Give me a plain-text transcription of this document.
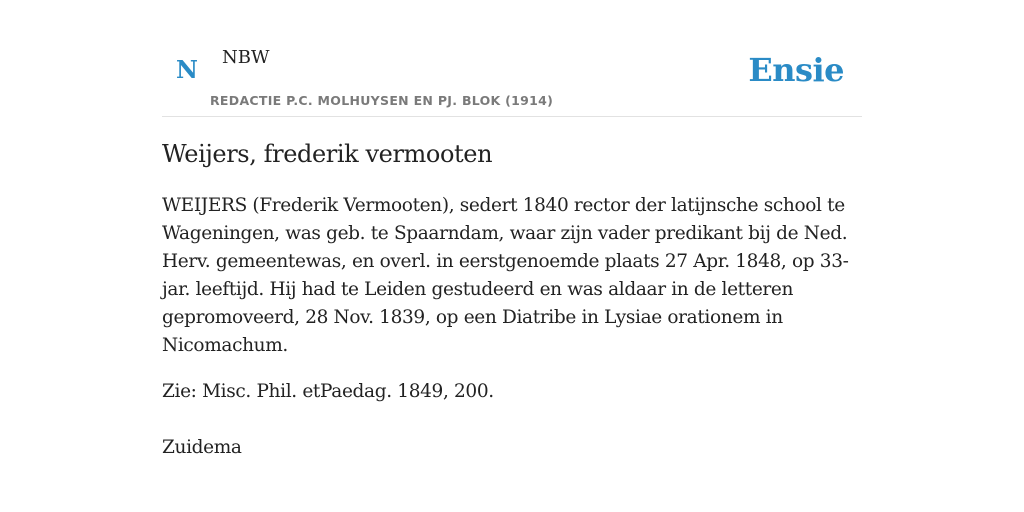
N NBW
REDACTIE P.C. MOLHUYSEN EN PJ. BLOK (1914)
Ensie
Weijers, frederik vermooten

WEIJERS (Frederik Vermooten), sedert 1840 rector der latijnsche school te Wageningen, was geb. te Spaarndam, waar zijn vader predikant bij de Ned. Herv. gemeentewas, en overl. in eerstgenoemde plaats 27 Apr. 1848, op 33-jar. leeftijd. Hij had te Leiden gestudeerd en was aldaar in de letteren gepromoveerd, 28 Nov. 1839, op een Diatribe in Lysiae orationem in Nicomachum.

Zie: Misc. Phil. etPaedag. 1849, 200.

Zuidema
